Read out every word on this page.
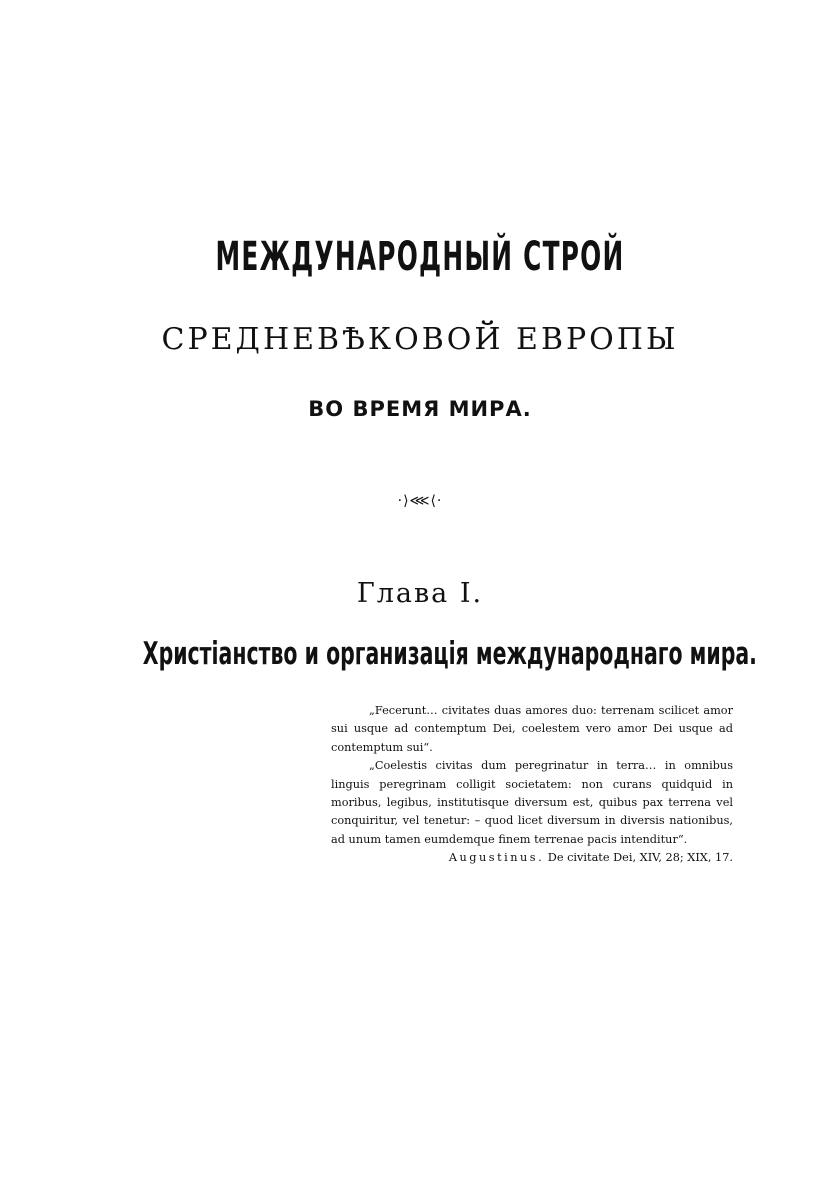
МЕЖДУНАРОДНЫЙ СТРОЙ
СРЕДНЕВѢКОВОЙ ЕВРОПЫ
ВО ВРЕМЯ МИРА.
·⟩⋘⟨·
Глава I.
Христіанство и организація международнаго мира.

„Fecerunt… civitates duas amores duo: terrenam scilicet amor sui usque ad contemptum Dei, coelestem vero amor Dei usque ad contemptum sui“.

„Coelestis civitas dum peregrinatur in terra… in omnibus linguis peregrinam colligit societatem: non curans quidquid in moribus, legibus, institutisque diversum est, quibus pax terrena vel conquiritur, vel tenetur: – quod licet diversum in diversis nationibus, ad unum tamen eumdemque finem terrenae pacis intenditur“.

Augustinus. De civitate Dei, XIV, 28; XIX, 17.
